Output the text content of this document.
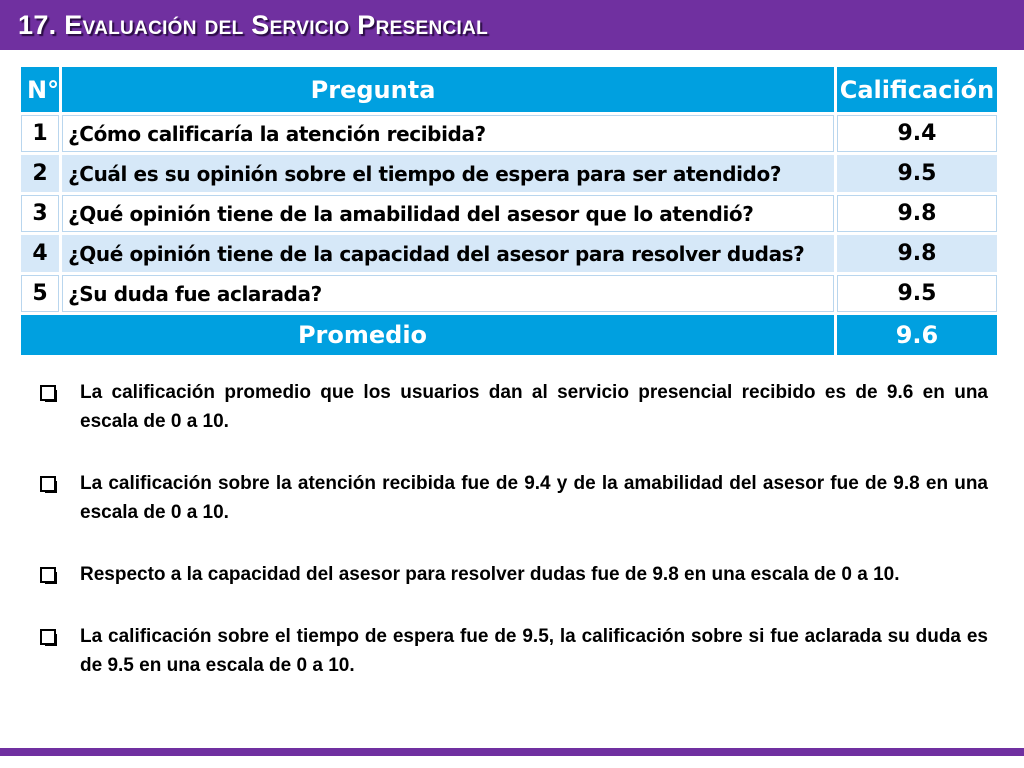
17. Evaluación del Servicio Presencial
N°	Pregunta	Calificación
1	¿Cómo calificaría la atención recibida?	9.4
2	¿Cuál es su opinión sobre el tiempo de espera para ser atendido?	9.5
3	¿Qué opinión tiene de la amabilidad del asesor que lo atendió?	9.8
4	¿Qué opinión tiene de la capacidad del asesor para resolver dudas?	9.8
5	¿Su duda fue aclarada?	9.5
Promedio		9.6
La calificación promedio que los usuarios dan al servicio presencial recibido es de 9.6 en una escala de 0 a 10.
La calificación sobre la atención recibida fue de 9.4 y de la amabilidad del asesor fue de 9.8 en una escala de 0 a 10.
Respecto a la capacidad del asesor para resolver dudas fue de 9.8 en una escala de 0 a 10.
La calificación sobre el tiempo de espera fue de 9.5, la calificación sobre si fue aclarada su duda es de 9.5 en una escala de 0 a 10.
